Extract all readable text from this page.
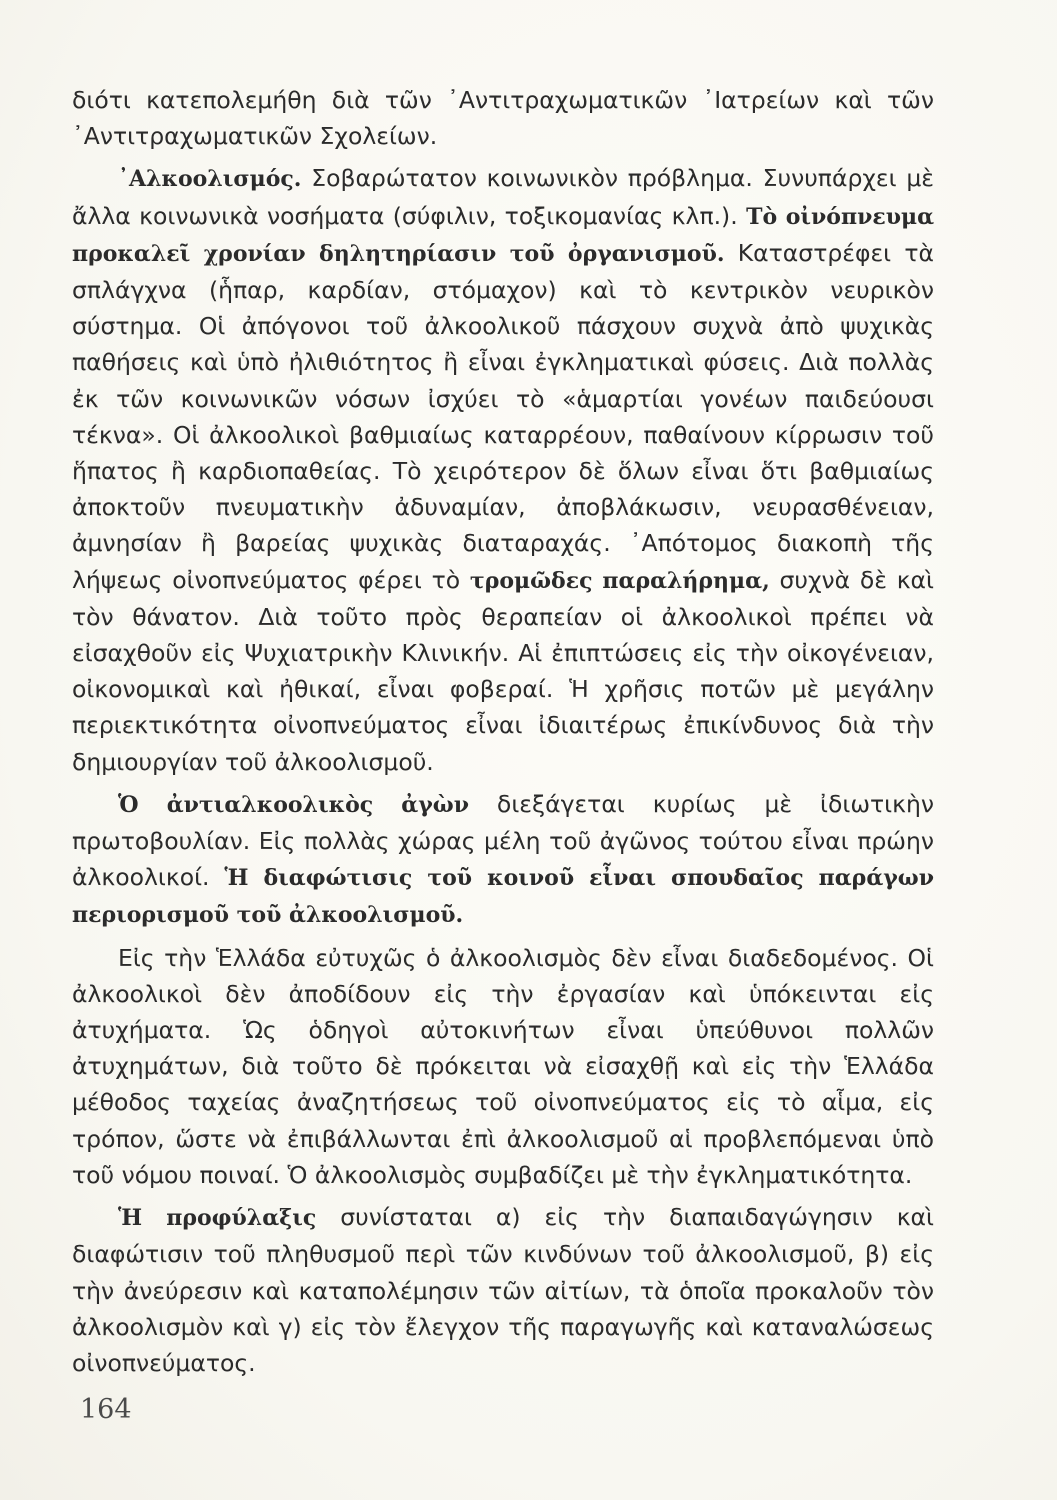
διότι κατεπολεμήθη διὰ τῶν ᾽Αντιτραχωματικῶν ᾽Ιατρείων καὶ τῶν ᾽Αντιτραχωματικῶν Σχολείων.

᾽Αλκοολισμός. Σοβαρώτατον κοινωνικὸν πρόβλημα. Συνυπάρχει μὲ ἄλλα κοινωνικὰ νοσήματα (σύφιλιν, τοξικομανίας κλπ.). Τὸ οἰνόπνευμα προκαλεῖ χρονίαν δηλητηρίασιν τοῦ ὀργανισμοῦ. Καταστρέφει τὰ σπλάγχνα (ἧπαρ, καρδίαν, στόμαχον) καὶ τὸ κεντρικὸν νευρικὸν σύστημα. Οἱ ἀπόγονοι τοῦ ἀλκοολικοῦ πάσχουν συχνὰ ἀπὸ ψυχικὰς παθήσεις καὶ ὑπὸ ἠλιθιότητος ἢ εἶναι ἐγκληματικαὶ φύσεις. Διὰ πολλὰς ἐκ τῶν κοινωνικῶν νόσων ἰσχύει τὸ «ἁμαρτίαι γονέων παιδεύουσι τέκνα». Οἱ ἀλκοολικοὶ βαθμιαίως καταρρέουν, παθαίνουν κίρρωσιν τοῦ ἥπατος ἢ καρδιοπαθείας. Τὸ χειρότερον δὲ ὅλων εἶναι ὅτι βαθμιαίως ἀποκτοῦν πνευματικὴν ἀδυναμίαν, ἀποβλάκωσιν, νευρασθένειαν, ἀμνησίαν ἢ βαρείας ψυχικὰς διαταραχάς. ᾽Απότομος διακοπὴ τῆς λήψεως οἰνοπνεύματος φέρει τὸ τρομῶδες παραλήρημα, συχνὰ δὲ καὶ τὸν θάνατον. Διὰ τοῦτο πρὸς θεραπείαν οἱ ἀλκοολικοὶ πρέπει νὰ εἰσαχθοῦν εἰς Ψυχιατρικὴν Κλινικήν. Αἱ ἐπιπτώσεις εἰς τὴν οἰκογένειαν, οἰκονομικαὶ καὶ ἠθικαί, εἶναι φοβεραί. Ἡ χρῆσις ποτῶν μὲ μεγάλην περιεκτικότητα οἰνοπνεύματος εἶναι ἰδιαιτέρως ἐπικίνδυνος διὰ τὴν δημιουργίαν τοῦ ἀλκοολισμοῦ.

Ὁ ἀντιαλκοολικὸς ἀγὼν διεξάγεται κυρίως μὲ ἰδιωτικὴν πρωτοβουλίαν. Εἰς πολλὰς χώρας μέλη τοῦ ἀγῶνος τούτου εἶναι πρώην ἀλκοολικοί. Ἡ διαφώτισις τοῦ κοινοῦ εἶναι σπουδαῖος παράγων περιορισμοῦ τοῦ ἀλκοολισμοῦ.

Εἰς τὴν Ἑλλάδα εὐτυχῶς ὁ ἀλκοολισμὸς δὲν εἶναι διαδεδομένος. Οἱ ἀλκοολικοὶ δὲν ἀποδίδουν εἰς τὴν ἐργασίαν καὶ ὑπόκεινται εἰς ἀτυχήματα. Ὡς ὁδηγοὶ αὐτοκινήτων εἶναι ὑπεύθυνοι πολλῶν ἀτυχημάτων, διὰ τοῦτο δὲ πρόκειται νὰ εἰσαχθῇ καὶ εἰς τὴν Ἑλλάδα μέθοδος ταχείας ἀναζητήσεως τοῦ οἰνοπνεύματος εἰς τὸ αἷμα, εἰς τρόπον, ὥστε νὰ ἐπιβάλλωνται ἐπὶ ἀλκοολισμοῦ αἱ προβλεπόμεναι ὑπὸ τοῦ νόμου ποιναί. Ὁ ἀλκοολισμὸς συμβαδίζει μὲ τὴν ἐγκληματικότητα.

Ἡ προφύλαξις συνίσταται α) εἰς τὴν διαπαιδαγώγησιν καὶ διαφώτισιν τοῦ πληθυσμοῦ περὶ τῶν κινδύνων τοῦ ἀλκοολισμοῦ, β) εἰς τὴν ἀνεύρεσιν καὶ καταπολέμησιν τῶν αἰτίων, τὰ ὁποῖα προκαλοῦν τὸν ἀλκοολισμὸν καὶ γ) εἰς τὸν ἔλεγχον τῆς παραγωγῆς καὶ καταναλώσεως οἰνοπνεύματος.

164
